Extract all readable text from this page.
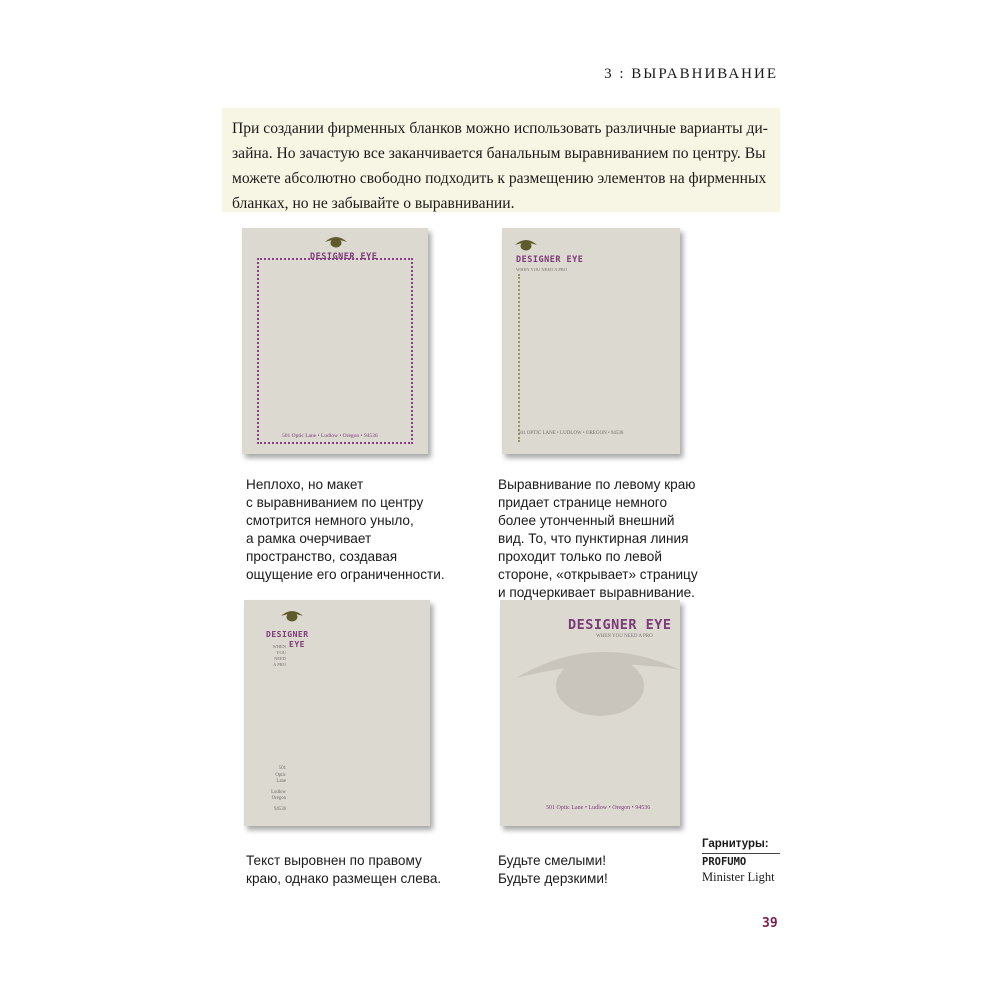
3 : ВЫРАВНИВАНИЕ
При создании фирменных бланков можно использовать различные варианты ди-
зайна. Но зачастую все заканчивается банальным выравниванием по центру. Вы
можете абсолютно свободно подходить к размещению элементов на фирменных
бланках, но не забывайте о выравнивании.
DESIGNER EYE
501 Optic Lane • Ludlow • Oregon • 94536
Неплохо, но макет
с выравниванием по центру
смотрится немного уныло,
а рамка очерчивает
пространство, создавая
ощущение его ограниченности.
DESIGNER EYE
WHEN YOU NEED A PRO
501 OPTIC LANE • LUDLOW • OREGON • 94536
Выравнивание по левому краю
придает странице немного
более утонченный внешний
вид. То, что пунктирная линия
проходит только по левой
стороне, «открывает» страницу
и подчеркивает выравнивание.
DESIGNER
EYE
WHEN
YOU
NEED
A PRO
501
Optic
Lane
Ludlow
Oregon
94536
Текст выровнен по правому
краю, однако размещен слева.
DESIGNER EYE
WHEN YOU NEED A PRO
501 Optic Lane • Ludlow • Oregon • 94536
Будьте смелыми!
Будьте дерзкими!
Гарнитуры:
PROFUMO
Minister Light
39
